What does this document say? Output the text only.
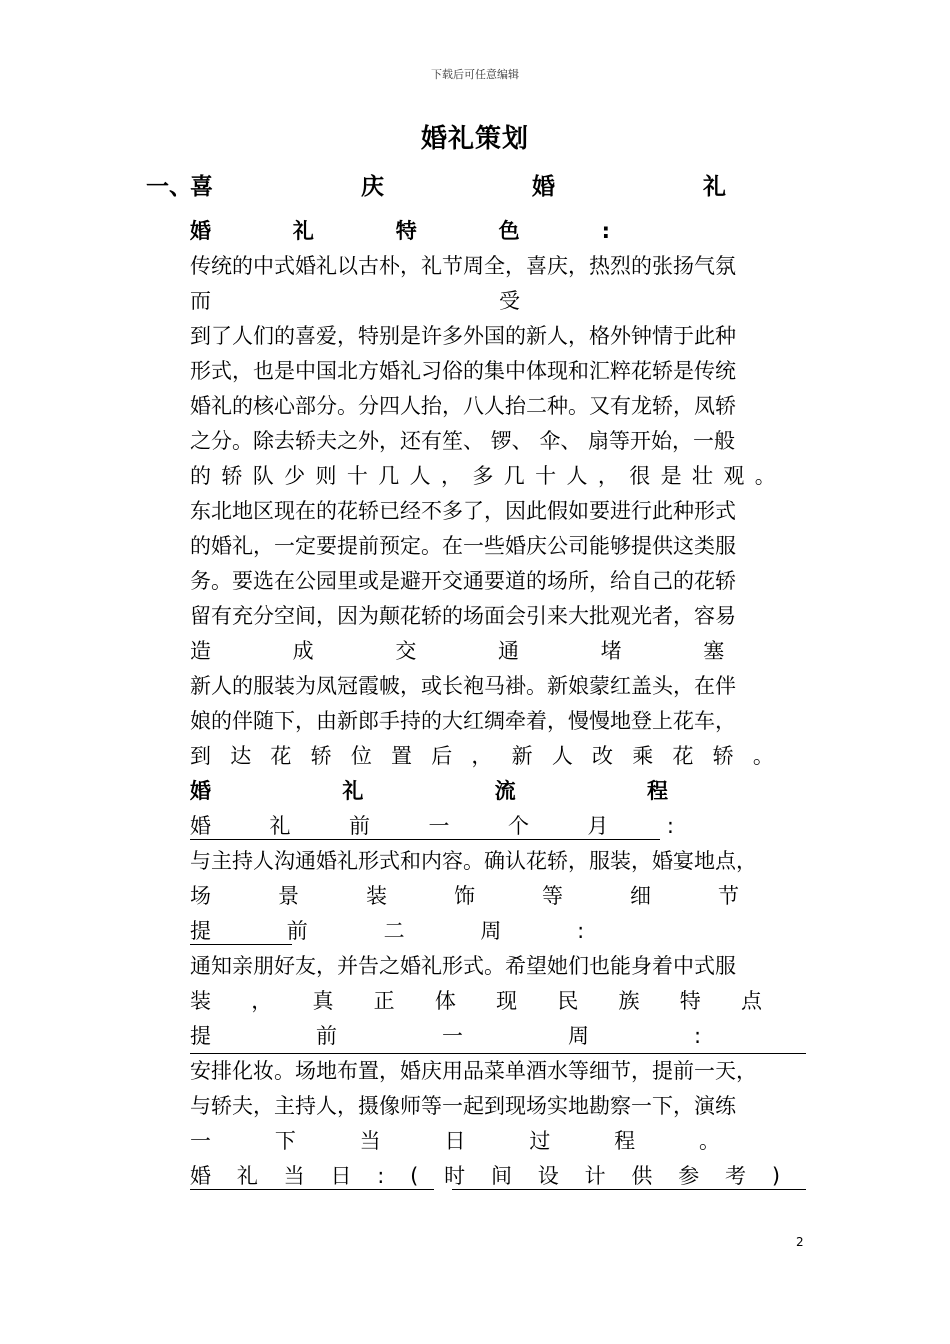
下载后可任意编辑
婚礼策划
一、
喜	庆	婚	礼
婚	礼	特	色	:
传统的中式婚礼以古朴，礼节周全，喜庆，热烈的张扬气氛
而	受
到了人们的喜爱，特别是许多外国的新人，格外钟情于此种
形式，也是中国北方婚礼习俗的集中体现和汇粹花轿是传统
婚礼的核心部分。分四人抬，八人抬二种。又有龙轿，凤轿
之分。除去轿夫之外，还有笙、 锣、 伞、 扇等开始，一般
的 轿 队 少 则 十 几 人 ， 多 几 十 人 ， 很 是 壮 观 。
东北地区现在的花轿已经不多了，因此假如要进行此种形式
的婚礼，一定要提前预定。在一些婚庆公司能够提供这类服
务。要选在公园里或是避开交通要道的场所，给自己的花轿
留有充分空间，因为颠花轿的场面会引来大批观光者，容易
造	成	交	通	堵	塞
新人的服装为凤冠霞帔，或长袍马褂。新娘蒙红盖头，在伴
娘的伴随下，由新郎手持的大红绸牵着，慢慢地登上花车，
到 达 花 轿 位 置 后 ， 新 人 改 乘 花 轿 。
婚	礼	流	程
婚	礼	前	一	个	月	:
与主持人沟通婚礼形式和内容。确认花轿，服装，婚宴地点，
场	景	装	饰	等	细	节
提	前	二	周	:
通知亲朋好友，并告之婚礼形式。希望她们也能身着中式服
装 ， 真 正 体 现 民 族 特 点
提	前	一	周	:
安排化妆。场地布置，婚庆用品菜单酒水等细节，提前一天，
与轿夫，主持人，摄像师等一起到现场实地勘察一下，演练
一	下	当	日	过	程	。
婚 礼 当 日 : ( 时 间 设 计 供 参 考 )
2
